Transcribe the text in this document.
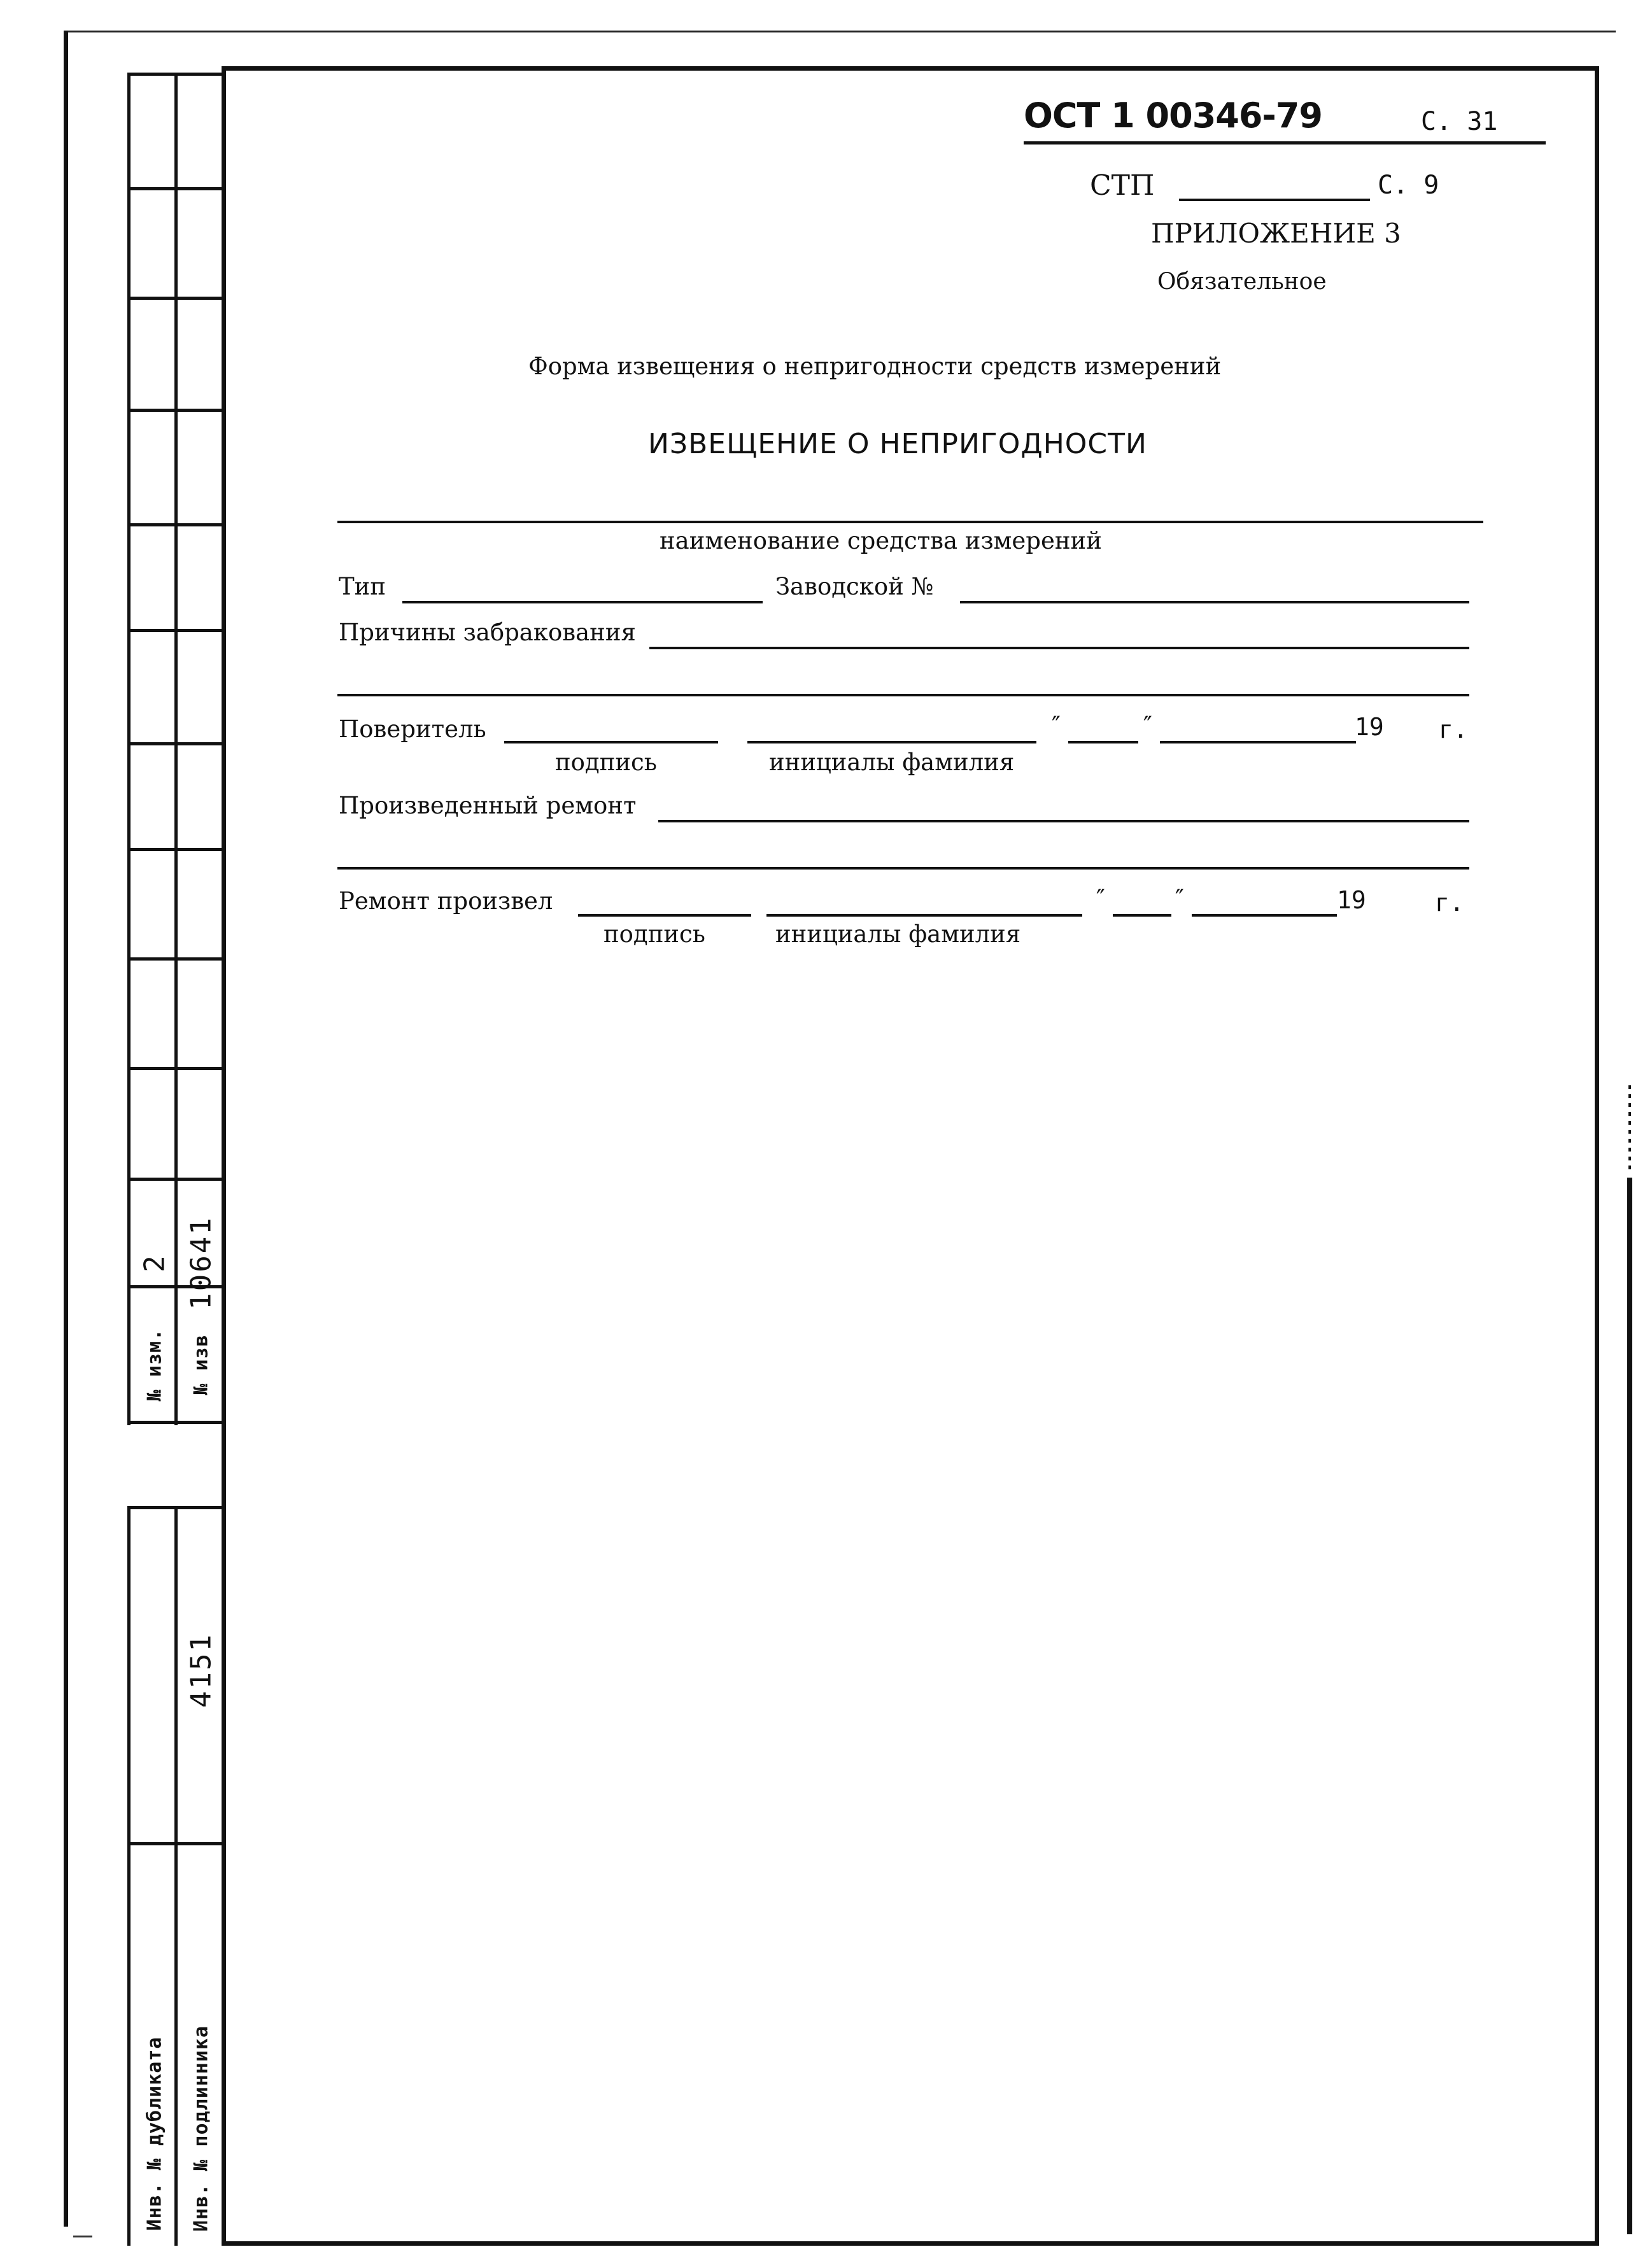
2 10641
№ изм. № изв
4151
Инв. № дубликата Инв. № подлинника
ОСТ 1 00346-79	С. 31
СТП	С. 9
ПРИЛОЖЕНИЕ 3
Обязательное
Форма извещения о непригодности средств измерений
ИЗВЕЩЕНИЕ О НЕПРИГОДНОСТИ
наименование средства измерений
Тип	Заводской №
Причины забракования
Поверитель	″	″	19 г.
подпись	инициалы фамилия
Произведенный ремонт
Ремонт произвел	″	″	19	г.
подпись	инициалы фамилия
